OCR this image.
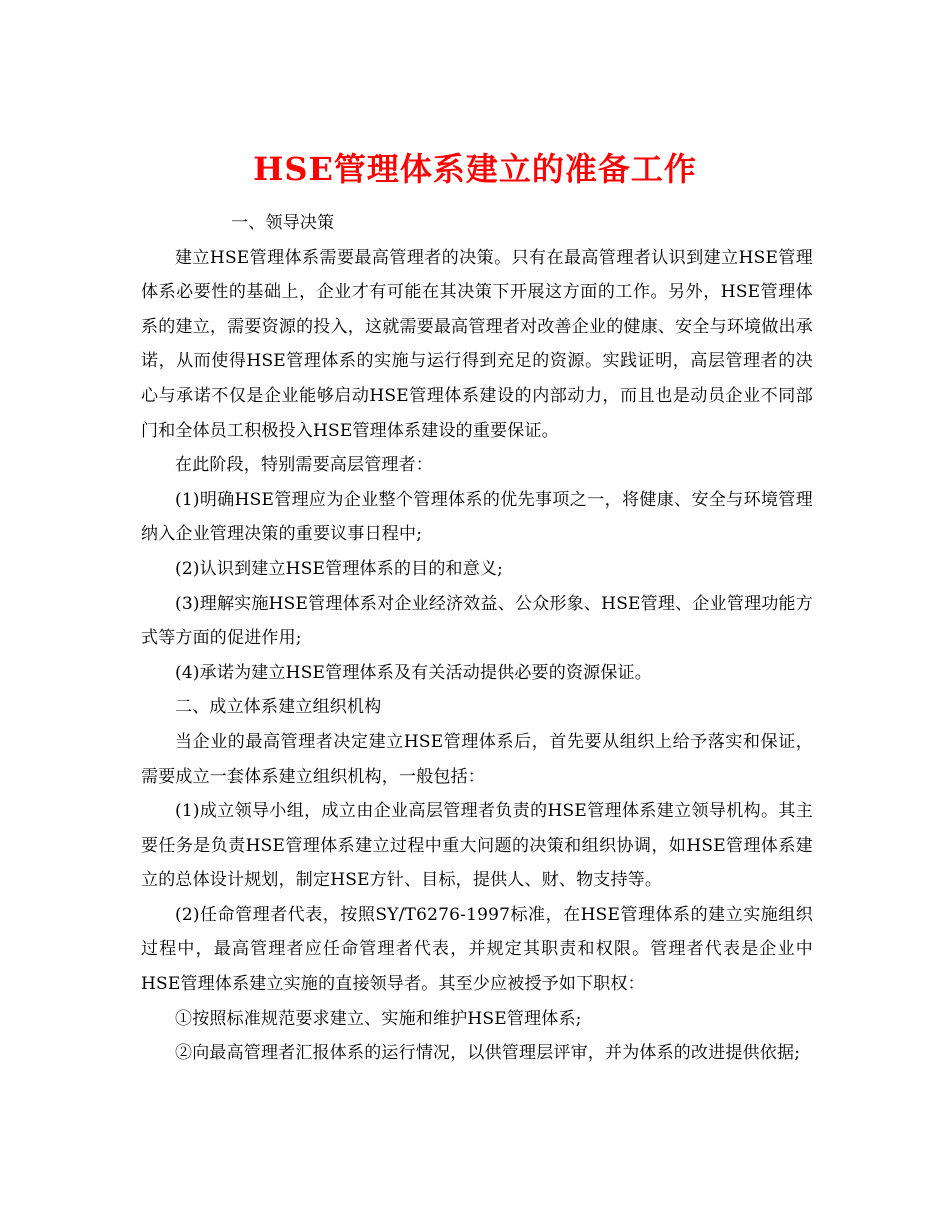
HSE管理体系建立的准备工作

一、领导决策

建立HSE管理体系需要最高管理者的决策。只有在最高管理者认识到建立HSE管理体系必要性的基础上，企业才有可能在其决策下开展这方面的工作。另外，HSE管理体系的建立，需要资源的投入，这就需要最高管理者对改善企业的健康、安全与环境做出承诺，从而使得HSE管理体系的实施与运行得到充足的资源。实践证明，高层管理者的决心与承诺不仅是企业能够启动HSE管理体系建设的内部动力，而且也是动员企业不同部门和全体员工积极投入HSE管理体系建设的重要保证。

在此阶段，特别需要高层管理者：

(1)明确HSE管理应为企业整个管理体系的优先事项之一，将健康、安全与环境管理纳入企业管理决策的重要议事日程中;

(2)认识到建立HSE管理体系的目的和意义;

(3)理解实施HSE管理体系对企业经济效益、公众形象、HSE管理、企业管理功能方式等方面的促进作用;

(4)承诺为建立HSE管理体系及有关活动提供必要的资源保证。

二、成立体系建立组织机构

当企业的最高管理者决定建立HSE管理体系后，首先要从组织上给予落实和保证，需要成立一套体系建立组织机构，一般包括：

(1)成立领导小组，成立由企业高层管理者负责的HSE管理体系建立领导机构。其主要任务是负责HSE管理体系建立过程中重大问题的决策和组织协调，如HSE管理体系建立的总体设计规划，制定HSE方针、目标，提供人、财、物支持等。

(2)任命管理者代表，按照SY/T6276-1997标准，在HSE管理体系的建立实施组织过程中，最高管理者应任命管理者代表，并规定其职责和权限。管理者代表是企业中HSE管理体系建立实施的直接领导者。其至少应被授予如下职权：

①按照标准规范要求建立、实施和维护HSE管理体系;

②向最高管理者汇报体系的运行情况，以供管理层评审，并为体系的改进提供依据;
